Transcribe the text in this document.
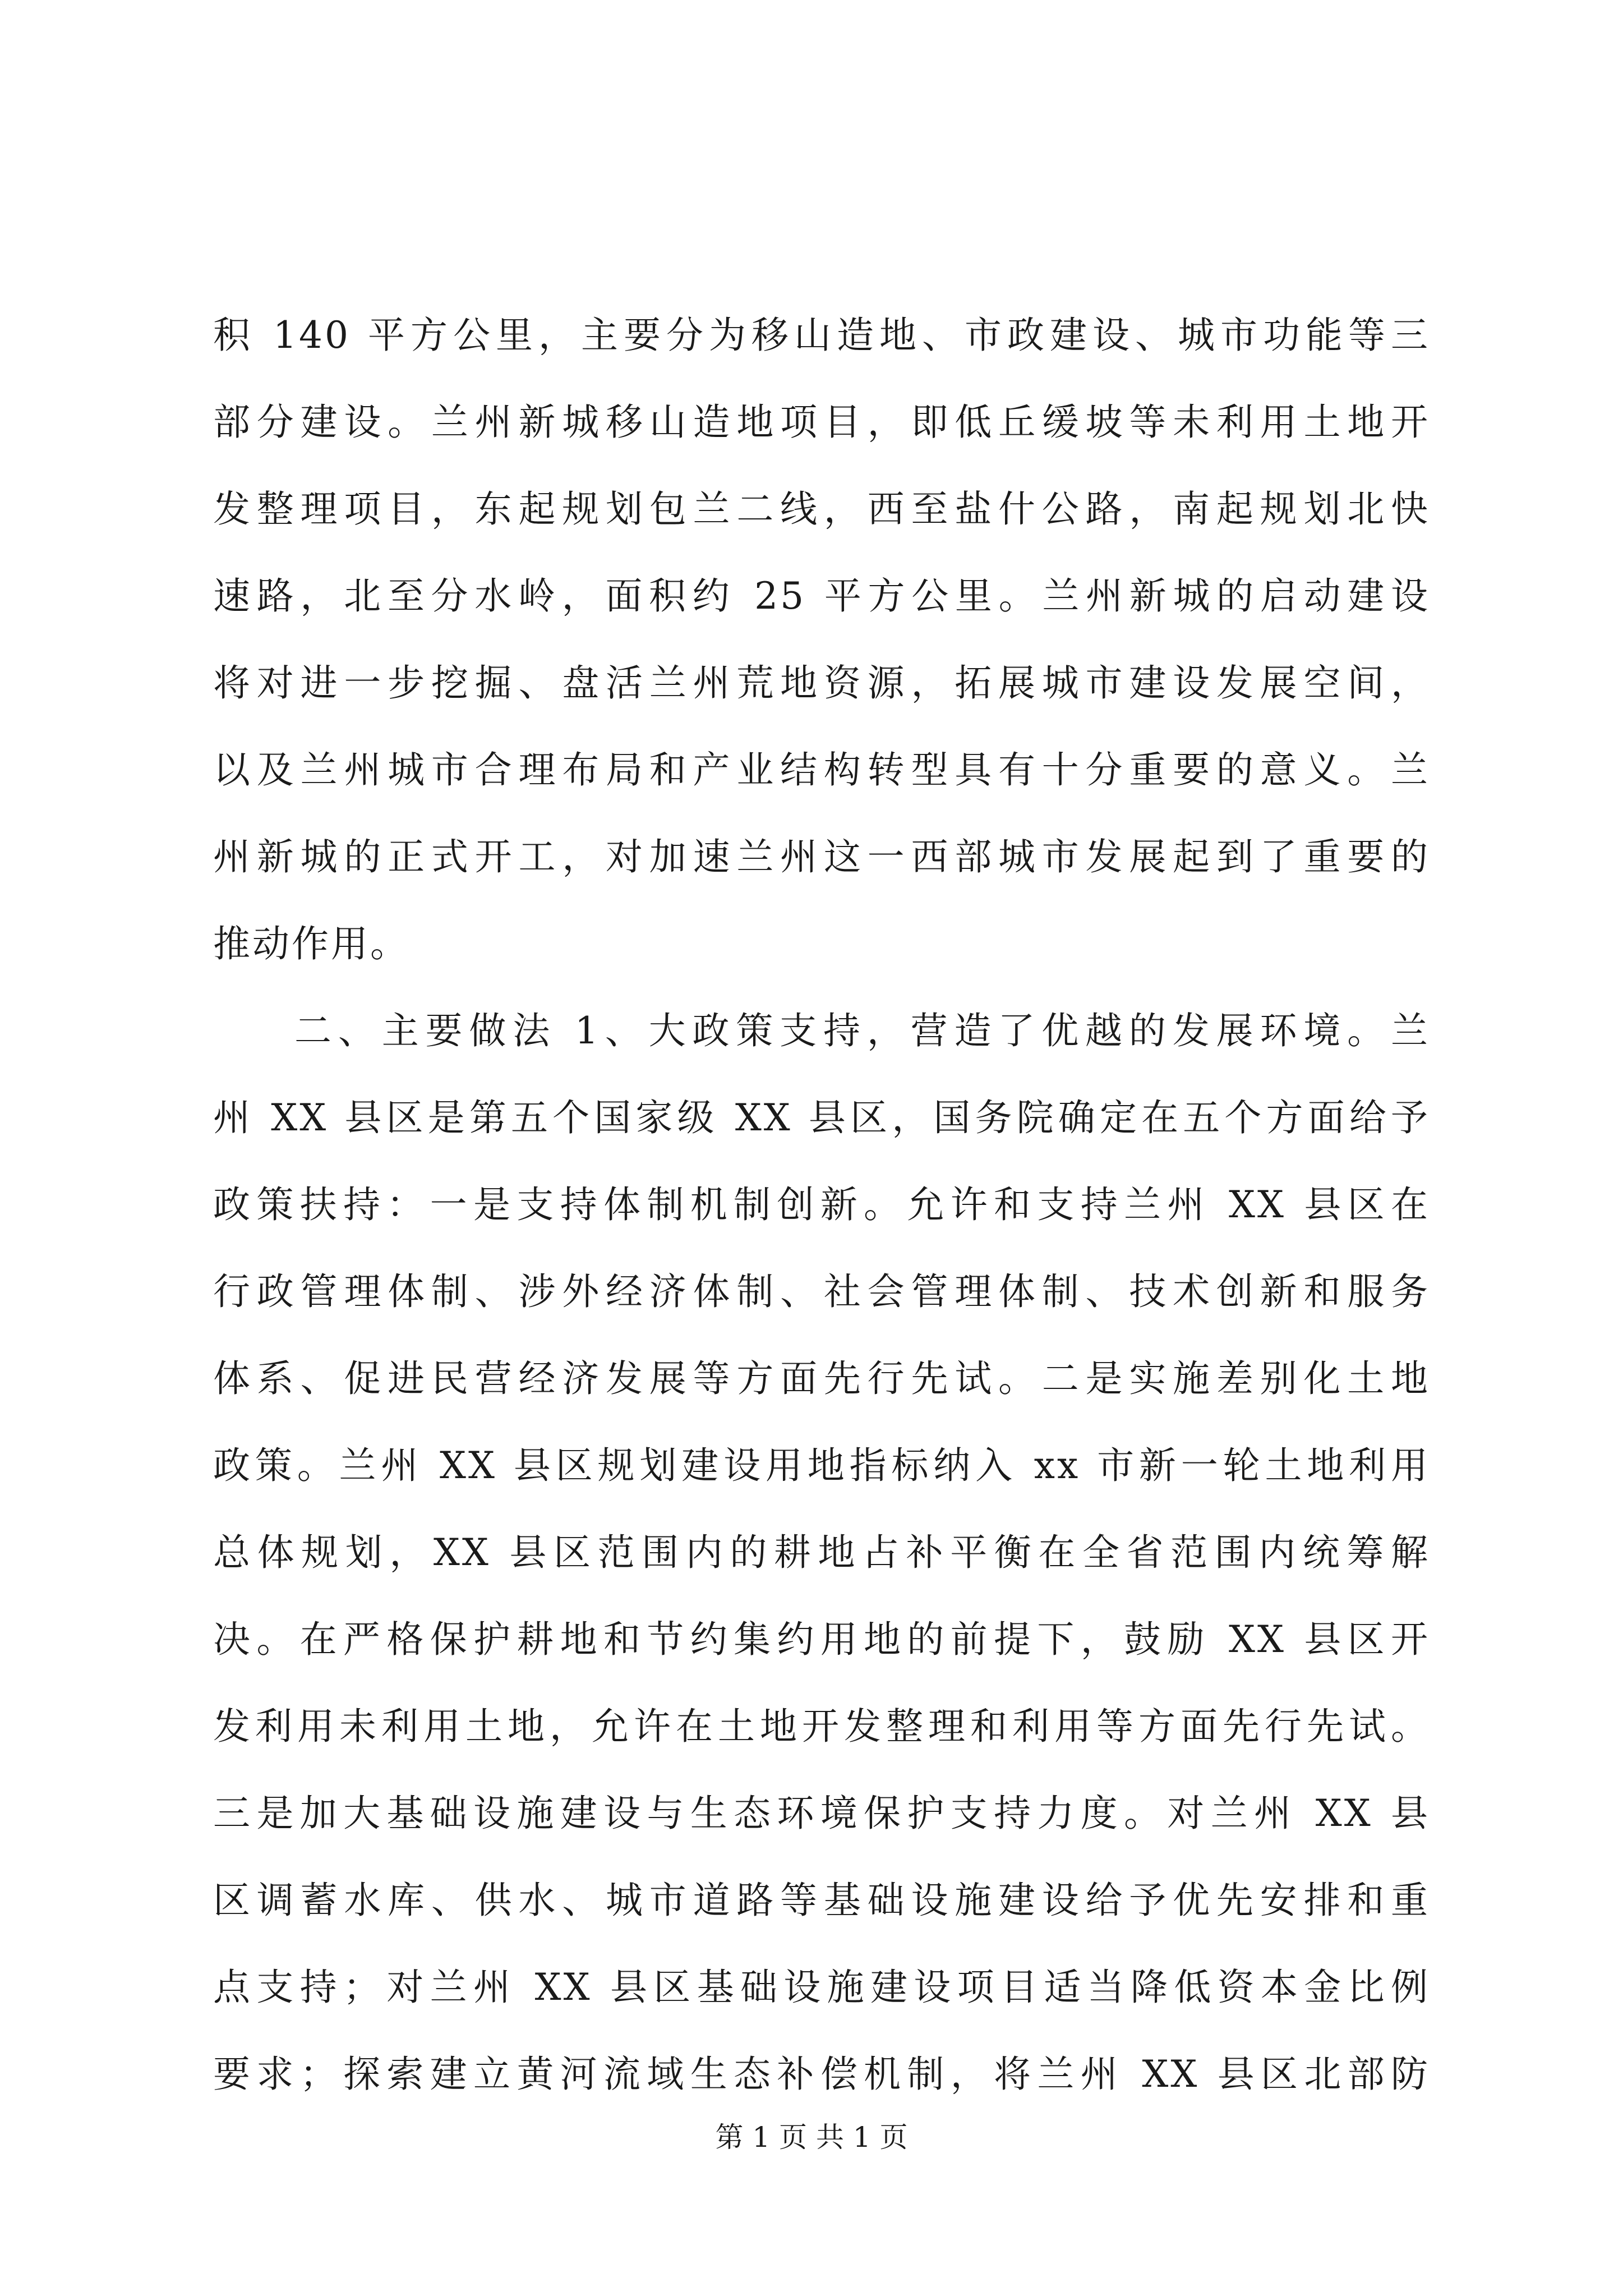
积 140 平方公里，主要分为移山造地、市政建设、城市功能等三
部分建设。兰州新城移山造地项目，即低丘缓坡等未利用土地开
发整理项目，东起规划包兰二线，西至盐什公路，南起规划北快
速路，北至分水岭，面积约 25 平方公里。兰州新城的启动建设
将对进一步挖掘、盘活兰州荒地资源，拓展城市建设发展空间，
以及兰州城市合理布局和产业结构转型具有十分重要的意义。兰
州新城的正式开工，对加速兰州这一西部城市发展起到了重要的
推动作用。
二、主要做法 1、大政策支持，营造了优越的发展环境。兰
州 XX 县区是第五个国家级 XX 县区，国务院确定在五个方面给予
政策扶持：一是支持体制机制创新。允许和支持兰州 XX 县区在
行政管理体制、涉外经济体制、社会管理体制、技术创新和服务
体系、促进民营经济发展等方面先行先试。二是实施差别化土地
政策。兰州 XX 县区规划建设用地指标纳入 xx 市新一轮土地利用
总体规划，XX 县区范围内的耕地占补平衡在全省范围内统筹解
决。在严格保护耕地和节约集约用地的前提下，鼓励 XX 县区开
发利用未利用土地，允许在土地开发整理和利用等方面先行先试。
三是加大基础设施建设与生态环境保护支持力度。对兰州 XX 县
区调蓄水库、供水、城市道路等基础设施建设给予优先安排和重
点支持；对兰州 XX 县区基础设施建设项目适当降低资本金比例
要求；探索建立黄河流域生态补偿机制，将兰州 XX 县区北部防
第 1 页 共 1 页
